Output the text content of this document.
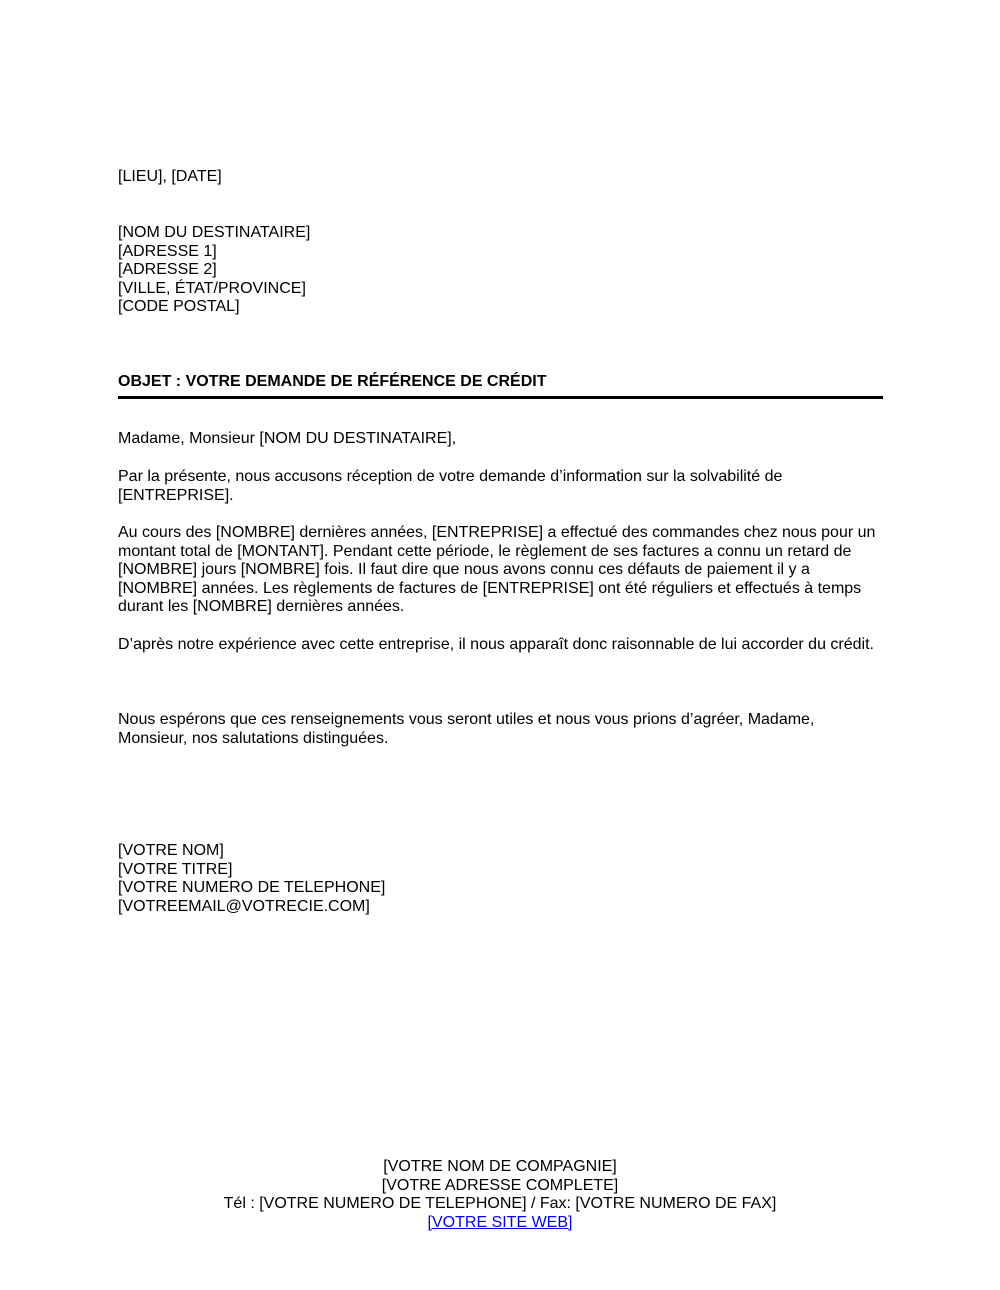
[LIEU], [DATE]
[NOM DU DESTINATAIRE]
[ADRESSE 1]
[ADRESSE 2]
[VILLE, ÉTAT/PROVINCE]
[CODE POSTAL]
OBJET : VOTRE DEMANDE DE RÉFÉRENCE DE CRÉDIT
Madame, Monsieur [NOM DU DESTINATAIRE],
Par la présente, nous accusons réception de votre demande d’information sur la solvabilité de [ENTREPRISE].
Au cours des [NOMBRE] dernières années, [ENTREPRISE] a effectué des commandes chez nous pour un montant total de [MONTANT]. Pendant cette période, le règlement de ses factures a connu un retard de [NOMBRE] jours [NOMBRE] fois. Il faut dire que nous avons connu ces défauts de paiement il y a [NOMBRE] années. Les règlements de factures de [ENTREPRISE] ont été réguliers et effectués à temps durant les [NOMBRE] dernières années.
D’après notre expérience avec cette entreprise, il nous apparaît donc raisonnable de lui accorder du crédit.
Nous espérons que ces renseignements vous seront utiles et nous vous prions d’agréer, Madame, Monsieur, nos salutations distinguées.
[VOTRE NOM]
[VOTRE TITRE]
[VOTRE NUMERO DE TELEPHONE]
[VOTREEMAIL@VOTRECIE.COM]
[VOTRE NOM DE COMPAGNIE]
[VOTRE ADRESSE COMPLETE]
Tél : [VOTRE NUMERO DE TELEPHONE] / Fax: [VOTRE NUMERO DE FAX]
[VOTRE SITE WEB]
